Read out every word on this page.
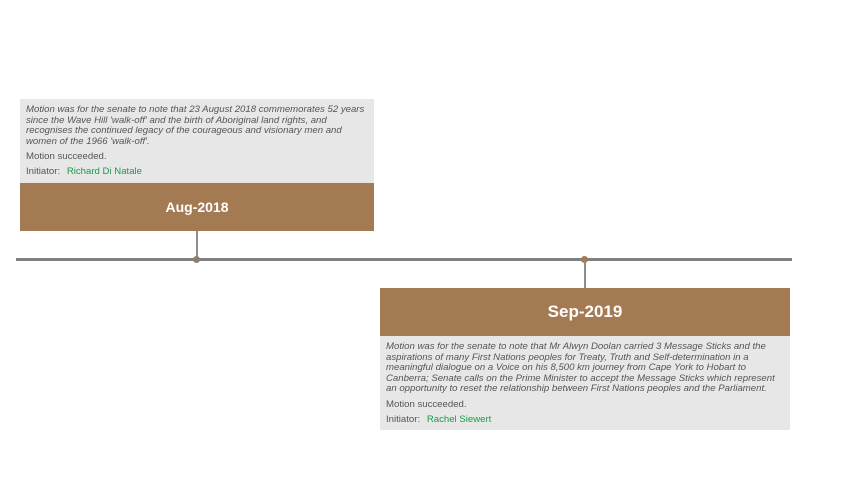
Motion was for the senate to note that 23 August 2018 commemorates 52 years since the Wave Hill 'walk-off' and the birth of Aboriginal land rights, and recognises the continued legacy of the courageous and visionary men and women of the 1966 'walk-off'.

Motion succeeded.

Initiator: Richard Di Natale
Aug-2018
Sep-2019

Motion was for the senate to note that Mr Alwyn Doolan carried 3 Message Sticks and the aspirations of many First Nations peoples for Treaty, Truth and Self-determination in a meaningful dialogue on a Voice on his 8,500 km journey from Cape York to Hobart to Canberra; Senate calls on the Prime Minister to accept the Message Sticks which represent an opportunity to reset the relationship between First Nations peoples and the Parliament.

Motion succeeded.

Initiator: Rachel Siewert
